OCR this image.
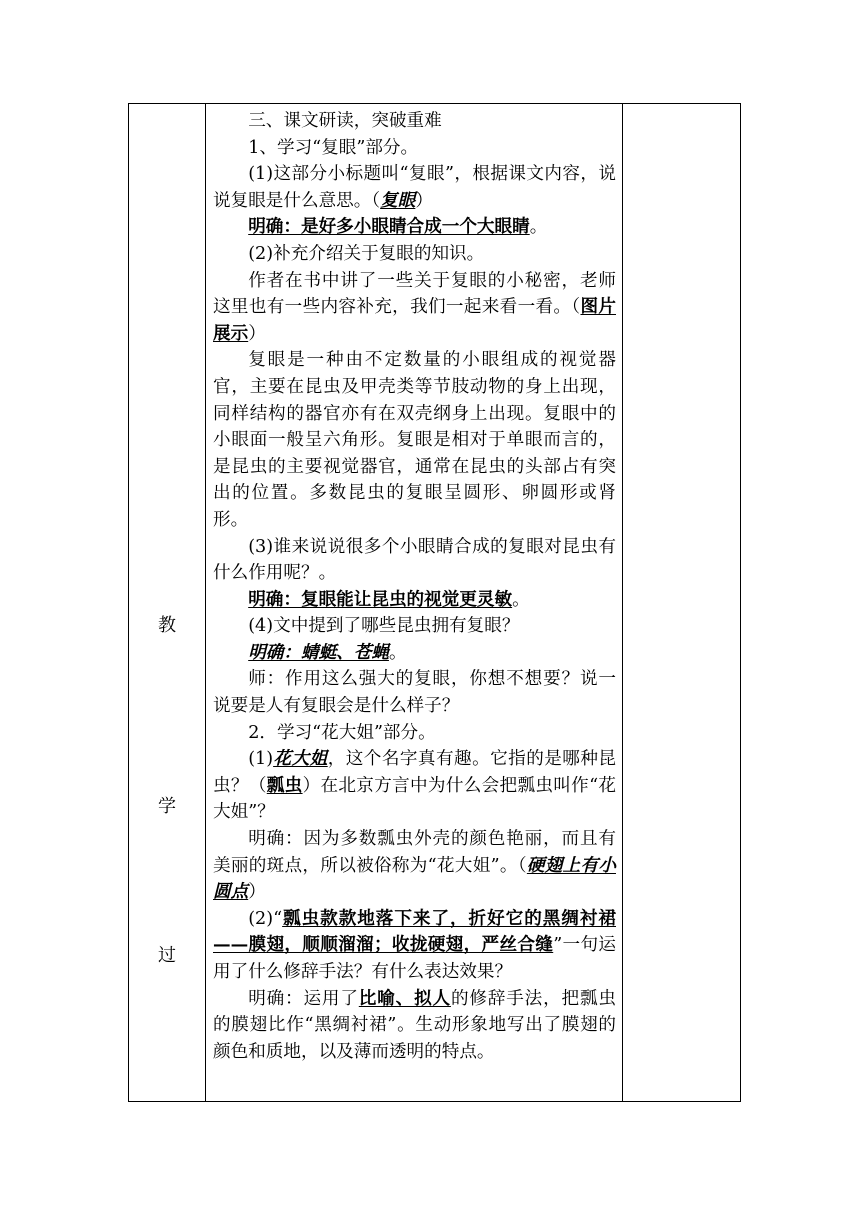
教
学
过

三、课文研读，突破重难

1、学习“复眼”部分。

(1)这部分小标题叫“复眼”，根据课文内容，说说复眼是什么意思。（复眼）

明确：是好多小眼睛合成一个大眼睛。

(2)补充介绍关于复眼的知识。

作者在书中讲了一些关于复眼的小秘密，老师这里也有一些内容补充，我们一起来看一看。（图片展示）

复眼是一种由不定数量的小眼组成的视觉器官，主要在昆虫及甲壳类等节肢动物的身上出现，同样结构的器官亦有在双壳纲身上出现。复眼中的小眼面一般呈六角形。复眼是相对于单眼而言的，是昆虫的主要视觉器官，通常在昆虫的头部占有突出的位置。多数昆虫的复眼呈圆形、卵圆形或肾形。

(3)谁来说说很多个小眼睛合成的复眼对昆虫有什么作用呢？。

明确：复眼能让昆虫的视觉更灵敏。

(4)文中提到了哪些昆虫拥有复眼？

明确：蜻蜓、苍蝇。

师：作用这么强大的复眼，你想不想要？说一说要是人有复眼会是什么样子？

2．学习“花大姐”部分。

(1)花大姐，这个名字真有趣。它指的是哪种昆虫？（瓢虫）在北京方言中为什么会把瓢虫叫作“花大姐”？

明确：因为多数瓢虫外壳的颜色艳丽，而且有美丽的斑点，所以被俗称为“花大姐”。（硬翅上有小圆点）

(2)“瓢虫款款地落下来了，折好它的黑绸衬裙——膜翅，顺顺溜溜；收拢硬翅，严丝合缝”一句运用了什么修辞手法？有什么表达效果？

明确：运用了比喻、拟人的修辞手法，把瓢虫的膜翅比作“黑绸衬裙”。生动形象地写出了膜翅的颜色和质地，以及薄而透明的特点。
